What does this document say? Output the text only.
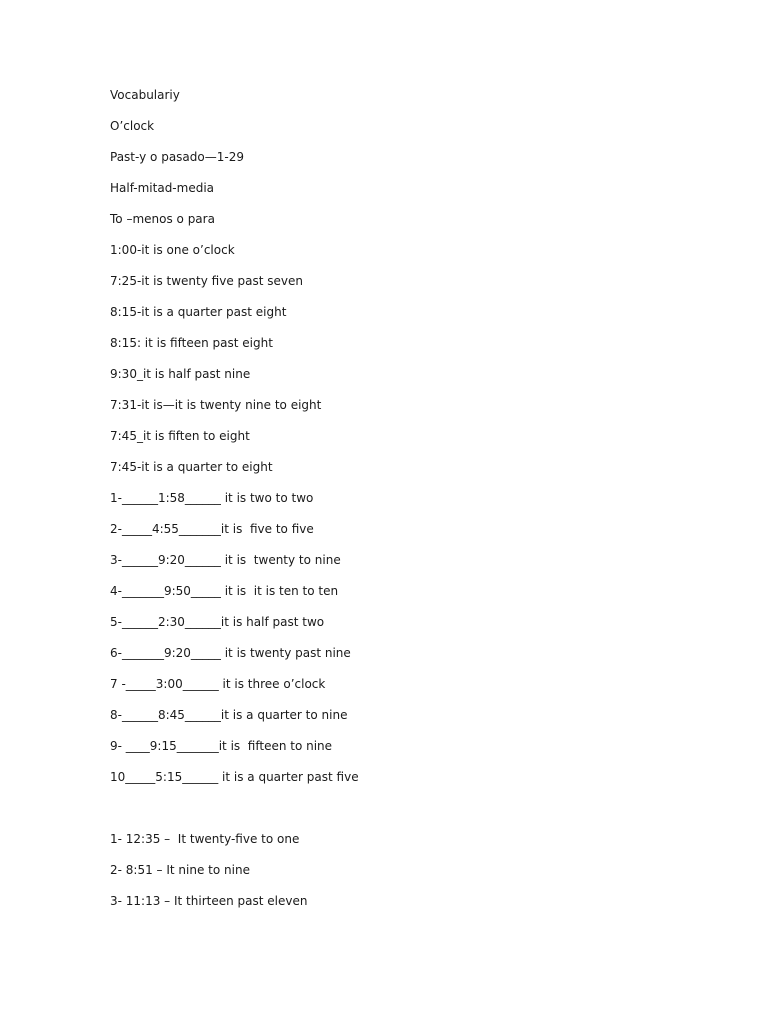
Vocabulariy
O’clock
Past-y o pasado—1-29
Half-mitad-media
To –menos o para
1:00-it is one o’clock
7:25-it is twenty five past seven
8:15-it is a quarter past eight
8:15: it is fifteen past eight
9:30_it is half past nine
7:31-it is—it is twenty nine to eight
7:45_it is fiften to eight
7:45-it is a quarter to eight
1-______1:58______ it is two to two
2-_____4:55_______it is  five to five
3-______9:20______ it is  twenty to nine
4-_______9:50_____ it is  it is ten to ten
5-______2:30______it is half past two
6-_______9:20_____ it is twenty past nine
7 -_____3:00______ it is three o’clock
8-______8:45______it is a quarter to nine
9- ____9:15_______it is  fifteen to nine
10_____5:15______ it is a quarter past five
1- 12:35 –  It twenty-five to one
2- 8:51 – It nine to nine
3- 11:13 – It thirteen past eleven
